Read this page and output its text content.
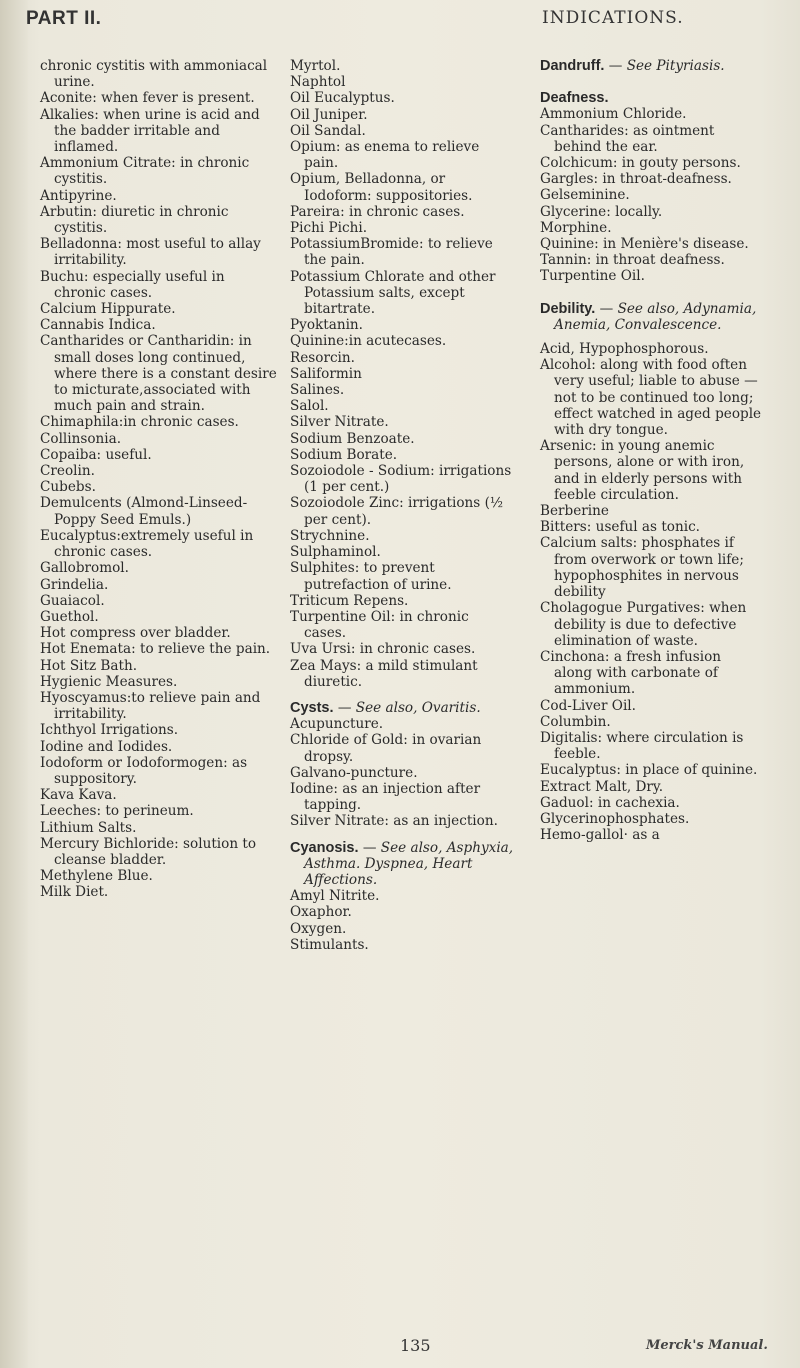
PART II.	INDICATIONS.
chronic cystitis with ammoniacal urine.
Aconite: when fever is present.
Alkalies: when urine is acid and the badder irritable and inflamed.
Ammonium Citrate: in chronic cystitis.
Antipyrine.
Arbutin: diuretic in chronic cystitis.
Belladonna: most useful to allay irritability.
Buchu: especially useful in chronic cases.
Calcium Hippurate.
Cannabis Indica.
Cantharides or Cantharidin: in small doses long continued, where there is a constant desire to micturate,associated with much pain and strain.
Chimaphila:in chronic cases.
Collinsonia.
Copaiba: useful.
Creolin.
Cubebs.
Demulcents (Almond-Linseed-Poppy Seed Emuls.)
Eucalyptus:extremely useful in chronic cases.
Gallobromol.
Grindelia.
Guaiacol.
Guethol.
Hot compress over bladder.
Hot Enemata: to relieve the pain.
Hot Sitz Bath.
Hygienic Measures.
Hyoscyamus:to relieve pain and irritability.
Ichthyol Irrigations.
Iodine and Iodides.
Iodoform or Iodoformogen: as suppository.
Kava Kava.
Leeches: to perineum.
Lithium Salts.
Mercury Bichloride: solution to cleanse bladder.
Methylene Blue.
Milk Diet.
Myrtol.
Naphtol
Oil Eucalyptus.
Oil Juniper.
Oil Sandal.
Opium: as enema to relieve pain.
Opium, Belladonna, or Iodoform: suppositories.
Pareira: in chronic cases.
Pichi Pichi.
PotassiumBromide: to relieve the pain.
Potassium Chlorate and other Potassium salts, except bitartrate.
Pyoktanin.
Quinine:in acutecases.
Resorcin.
Saliformin
Salines.
Salol.
Silver Nitrate.
Sodium Benzoate.
Sodium Borate.
Sozoiodole - Sodium: irrigations (1 per cent.)
Sozoiodole Zinc: irrigations (½ per cent).
Strychnine.
Sulphaminol.
Sulphites: to prevent putrefaction of urine.
Triticum Repens.
Turpentine Oil: in chronic cases.
Uva Ursi: in chronic cases.
Zea Mays: a mild stimulant diuretic.
Cysts. — See also, Ovaritis.
Acupuncture.
Chloride of Gold: in ovarian dropsy.
Galvano-puncture.
Iodine: as an injection after tapping.
Silver Nitrate: as an injection.
Cyanosis. — See also, Asphyxia, Asthma. Dyspnea, Heart Affections.
Amyl Nitrite.
Oxaphor.
Oxygen.
Stimulants.
Dandruff. — See Pityriasis.
Deafness.
Ammonium Chloride.
Cantharides: as ointment behind the ear.
Colchicum: in gouty persons.
Gargles: in throat-deafness.
Gelseminine.
Glycerine: locally.
Morphine.
Quinine: in Menière's disease.
Tannin: in throat deafness.
Turpentine Oil.
Debility. — See also, Adynamia, Anemia, Convalescence.
Acid, Hypophosphorous.
Alcohol: along with food often very useful; liable to abuse —not to be continued too long; effect watched in aged people with dry tongue.
Arsenic: in young anemic persons, alone or with iron, and in elderly persons with feeble circulation.
Berberine
Bitters: useful as tonic.
Calcium salts: phosphates if from overwork or town life; hypophosphites in nervous debility
Cholagogue Purgatives: when debility is due to defective elimination of waste.
Cinchona: a fresh infusion along with carbonate of ammonium.
Cod-Liver Oil.
Columbin.
Digitalis: where circulation is feeble.
Eucalyptus: in place of quinine.
Extract Malt, Dry.
Gaduol: in cachexia.
Glycerinophosphates.
Hemo-gallol· as a
135	Merck's Manual.
